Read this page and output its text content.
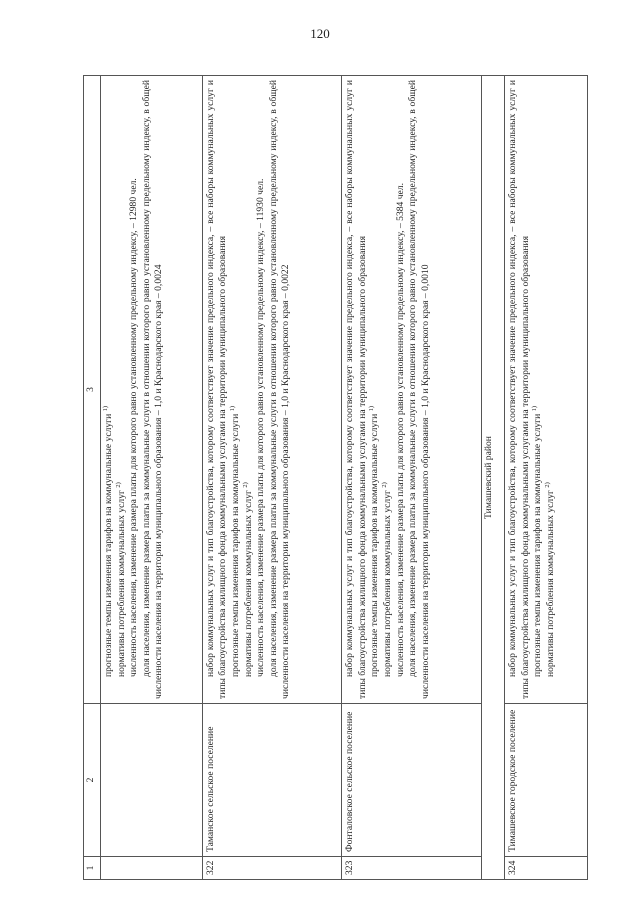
120
1	2	3

		прогнозные темпы изменения тарифов на коммунальные услуги $^{1)}$

нормативы потребления коммунальных услуг $^{2)}$ численность населения, изменение размера платы для которого равно установленному предельному индексу, – 12980 чел. доля населения, изменение размера платы за коммунальные услуги в отношении которого равно установленному предельному индексу, в общей численности населения на территории муниципального образования – 1,0 и Краснодарского края – 0,0024

322	Таманское сельское поселение	набор коммунальных услуг и тип благоустройства, которому соответствует значение предельного индекса, – все наборы коммунальных услуг и типы благоустройства жилищного фонда коммунальными услугами на территории муниципального образования прогнозные темпы изменения тарифов на коммунальные услуги $^{1)}$

нормативы потребления коммунальных услуг $^{2)}$ численность населения, изменение размера платы для которого равно установленному предельному индексу, – 11930 чел. доля населения, изменение размера платы за коммунальные услуги в отношении которого равно установленному предельному индексу, в общей численности населения на территории муниципального образования – 1,0 и Краснодарского края – 0,0022

323	Фонталовское сельское поселение	набор коммунальных услуг и тип благоустройства, которому соответствует значение предельного индекса, – все наборы коммунальных услуг и типы благоустройства жилищного фонда коммунальными услугами на территории муниципального образования прогнозные темпы изменения тарифов на коммунальные услуги $^{1)}$

нормативы потребления коммунальных услуг $^{2)}$ численность населения, изменение размера платы для которого равно установленному предельному индексу, – 5384 чел. доля населения, изменение размера платы за коммунальные услуги в отношении которого равно установленному предельному индексу, в общей численности населения на территории муниципального образования – 1,0 и Краснодарского края – 0,0010

Тимашевский район		
324	Тимашевское городское поселение	набор коммунальных услуг и тип благоустройства, которому соответствует значение предельного индекса, – все наборы коммунальных услуг и типы благоустройства жилищного фонда коммунальными услугами на территории муниципального образования прогнозные темпы изменения тарифов на коммунальные услуги $^{1)}$

нормативы потребления коммунальных услуг $^{2)}$
